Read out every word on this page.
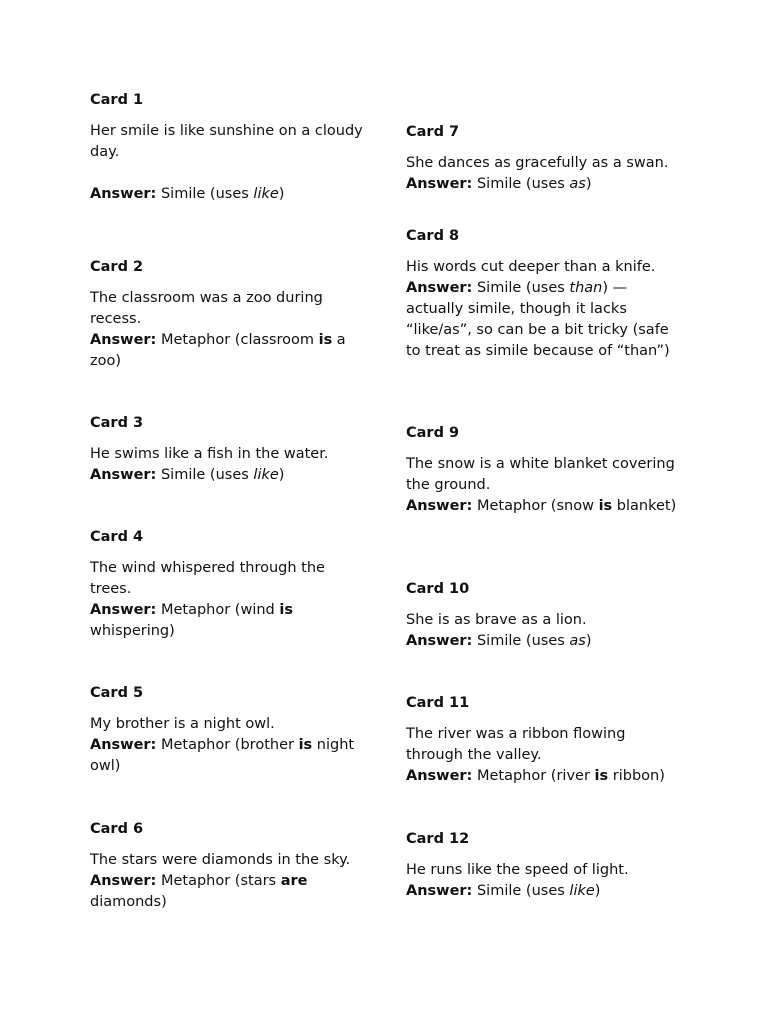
Card 1

Her smile is like sunshine on a cloudy day.

Answer: Simile (uses like)

Card 2

The classroom was a zoo during recess.

Answer: Metaphor (classroom is a zoo)

Card 3

He swims like a fish in the water.

Answer: Simile (uses like)

Card 4

The wind whispered through the trees.

Answer: Metaphor (wind is whispering)

Card 5

My brother is a night owl.

Answer: Metaphor (brother is night owl)

Card 6

The stars were diamonds in the sky.

Answer: Metaphor (stars are diamonds)

Card 7

She dances as gracefully as a swan.

Answer: Simile (uses as)

Card 8

His words cut deeper than a knife.

Answer: Simile (uses than) — actually simile, though it lacks “like/as”, so can be a bit tricky (safe to treat as simile because of “than”)

Card 9

The snow is a white blanket covering the ground.

Answer: Metaphor (snow is blanket)

Card 10

She is as brave as a lion.

Answer: Simile (uses as)

Card 11

The river was a ribbon flowing through the valley.

Answer: Metaphor (river is ribbon)

Card 12

He runs like the speed of light.

Answer: Simile (uses like)
